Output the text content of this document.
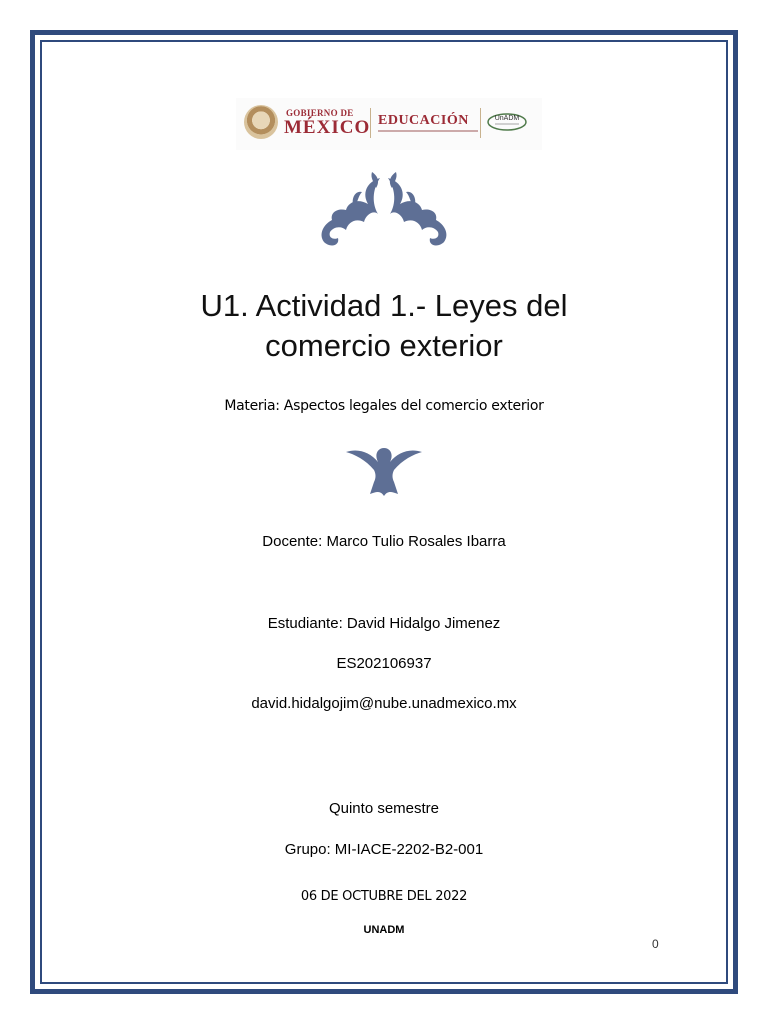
GOBIERNO DE
MÉXICO EDUCACIÓN	UnADM
U1. Actividad 1.- Leyes del
comercio exterior
Materia: Aspectos legales del comercio exterior
Docente: Marco Tulio Rosales Ibarra
Estudiante: David Hidalgo Jimenez
ES202106937
david.hidalgojim@nube.unadmexico.mx
Quinto semestre
Grupo: MI-IACE-2202-B2-001
06 DE OCTUBRE DEL 2022
UNADM
0
